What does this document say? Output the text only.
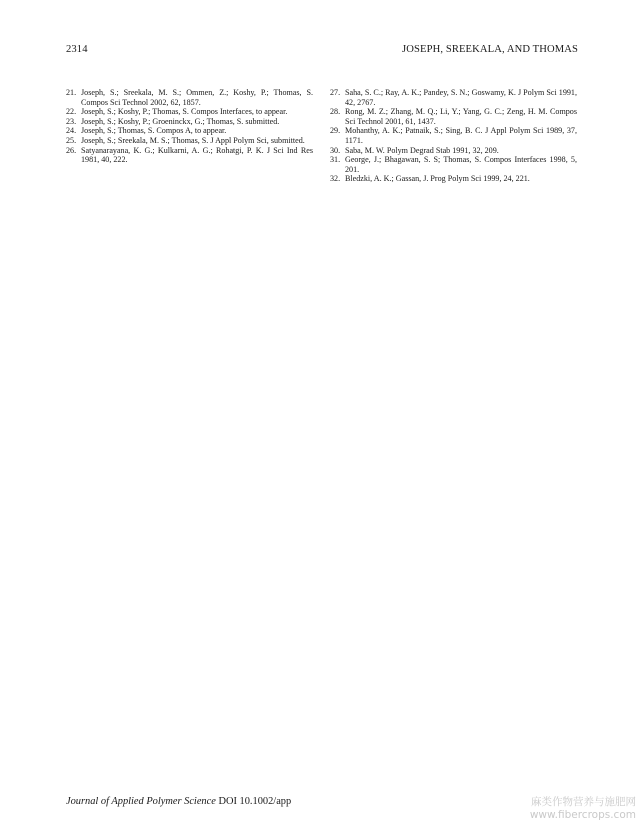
2314	JOSEPH, SREEKALA, AND THOMAS
21. Joseph, S.; Sreekala, M. S.; Ommen, Z.; Koshy, P.; Thomas, S. Compos Sci Technol 2002, 62, 1857.
22. Joseph, S.; Koshy, P.; Thomas, S. Compos Interfaces, to appear.
23. Joseph, S.; Koshy, P.; Groeninckx, G.; Thomas, S. submitted.
24. Joseph, S.; Thomas, S. Compos A, to appear.
25. Joseph, S.; Sreekala, M. S.; Thomas, S. J Appl Polym Sci, submitted.
26. Satyanarayana, K. G.; Kulkarni, A. G.; Rohatgi, P. K. J Sci Ind Res 1981, 40, 222.
27. Saha, S. C.; Ray, A. K.; Pandey, S. N.; Goswamy, K. J Polym Sci 1991, 42, 2767.
28. Rong, M. Z.; Zhang, M. Q.; Li, Y.; Yang, G. C.; Zeng, H. M. Compos Sci Technol 2001, 61, 1437.
29. Mohanthy, A. K.; Patnaik, S.; Sing, B. C. J Appl Polym Sci 1989, 37, 1171.
30. Saba, M. W. Polym Degrad Stab 1991, 32, 209.
31. George, J.; Bhagawan, S. S; Thomas, S. Compos Interfaces 1998, 5, 201.
32. Bledzki, A. K.; Gassan, J. Prog Polym Sci 1999, 24, 221.
Journal of Applied Polymer Science DOI 10.1002/app	麻类作物营养与施肥网
www.fibercrops.com
